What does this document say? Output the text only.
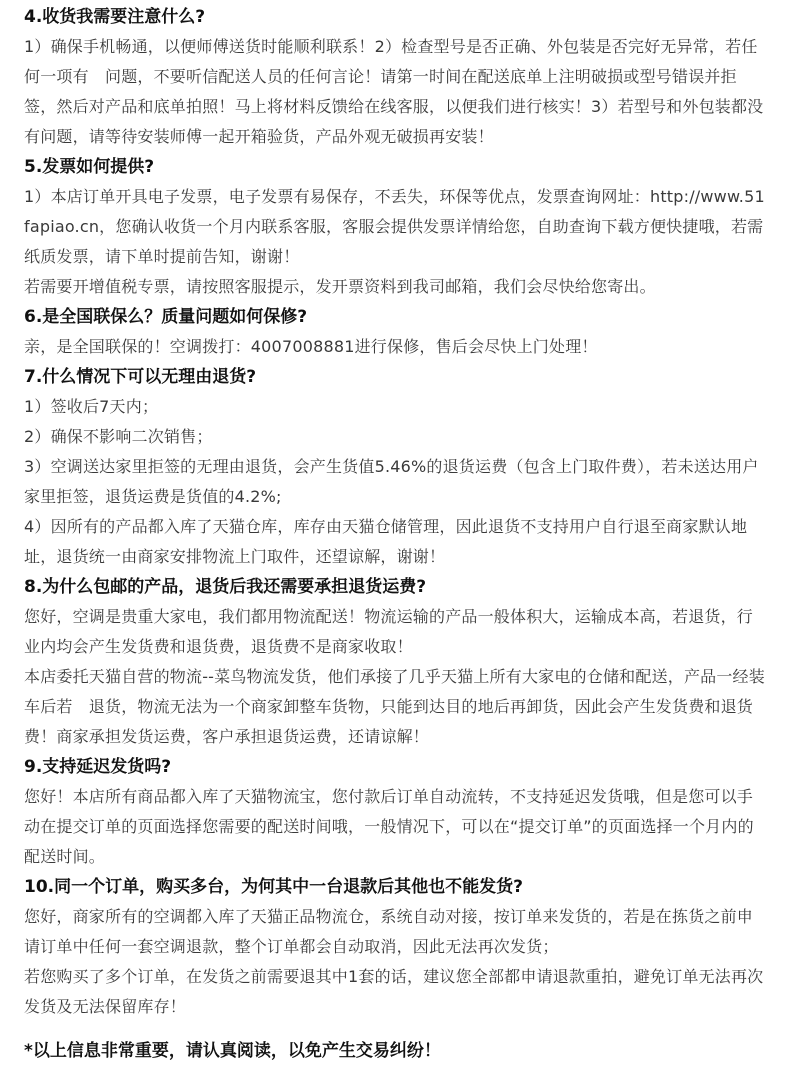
4.收货我需要注意什么?

1）确保手机畅通，以便师傅送货时能顺利联系！2）检查型号是否正确、外包装是否完好无异常，若任何一项有　问题，不要听信配送人员的任何言论！请第一时间在配送底单上注明破损或型号错误并拒签，然后对产品和底单拍照！马上将材料反馈给在线客服，以便我们进行核实！3）若型号和外包装都没有问题，请等待安装师傅一起开箱验货，产品外观无破损再安装！

5.发票如何提供?

1）本店订单开具电子发票，电子发票有易保存，不丢失，环保等优点，发票查询网址：http://www.51fapiao.cn，您确认收货一个月内联系客服，客服会提供发票详情给您，自助查询下载方便快捷哦，若需纸质发票，请下单时提前告知，谢谢！

若需要开增值税专票，请按照客服提示，发开票资料到我司邮箱，我们会尽快给您寄出。

6.是全国联保么？质量问题如何保修?

亲，是全国联保的！空调拨打：4007008881进行保修，售后会尽快上门处理！

7.什么情况下可以无理由退货?

1）签收后7天内；

2）确保不影响二次销售；

3）空调送达家里拒签的无理由退货，会产生货值5.46%的退货运费（包含上门取件费），若未送达用户家里拒签，退货运费是货值的4.2%;

4）因所有的产品都入库了天猫仓库，库存由天猫仓储管理，因此退货不支持用户自行退至商家默认地址，退货统一由商家安排物流上门取件，还望谅解，谢谢！

8.为什么包邮的产品，退货后我还需要承担退货运费?

您好，空调是贵重大家电，我们都用物流配送！物流运输的产品一般体积大，运输成本高，若退货，行业内均会产生发货费和退货费，退货费不是商家收取！

本店委托天猫自营的物流--菜鸟物流发货，他们承接了几乎天猫上所有大家电的仓储和配送，产品一经装车后若　退货，物流无法为一个商家卸整车货物，只能到达目的地后再卸货，因此会产生发货费和退货费！商家承担发货运费，客户承担退货运费，还请谅解！

9.支持延迟发货吗?

您好！本店所有商品都入库了天猫物流宝，您付款后订单自动流转，不支持延迟发货哦，但是您可以手动在提交订单的页面选择您需要的配送时间哦，一般情况下，可以在“提交订单”的页面选择一个月内的配送时间。

10.同一个订单，购买多台，为何其中一台退款后其他也不能发货?

您好，商家所有的空调都入库了天猫正品物流仓，系统自动对接，按订单来发货的，若是在拣货之前申请订单中任何一套空调退款，整个订单都会自动取消，因此无法再次发货；

若您购买了多个订单，在发货之前需要退其中1套的话，建议您全部都申请退款重拍，避免订单无法再次发货及无法保留库存！

*以上信息非常重要，请认真阅读，以免产生交易纠纷！
